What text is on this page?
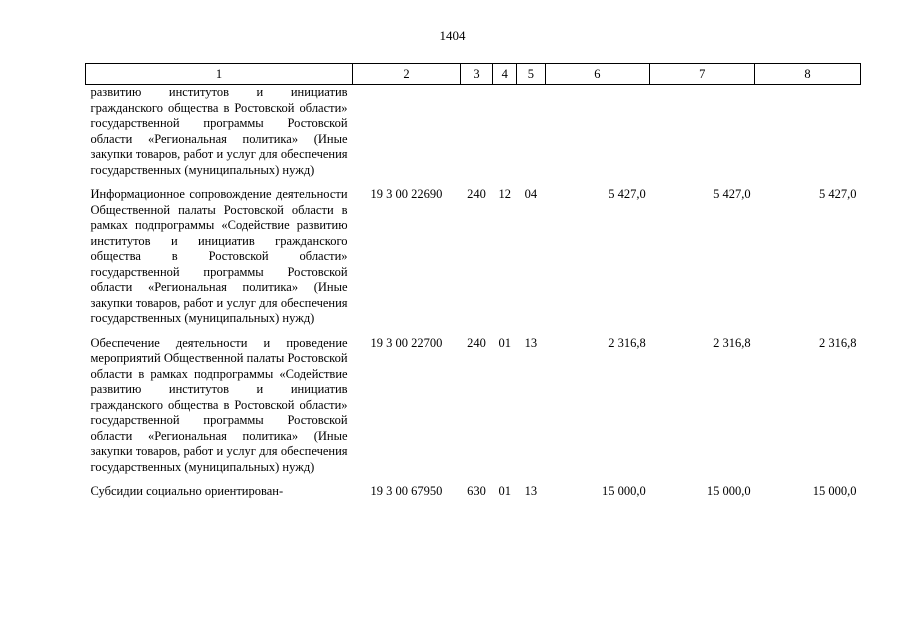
1404
1	2	3	4	5	6	7	8
развитию институтов и инициатив гражданского общества в Ростовской области» государственной программы Ростовской области «Региональная политика» (Иные закупки товаров, работ и услуг для обеспечения государственных (муниципальных) нужд)							
Информационное сопровождение деятельности Общественной палаты Ростовской области в рамках подпрограммы «Содействие развитию институтов и инициатив гражданского общества в Ростовской области» государственной программы Ростовской области «Региональная политика» (Иные закупки товаров, работ и услуг для обеспечения государственных (муниципальных) нужд)	19 3 00 22690	240	12	04	5 427,0	5 427,0	5 427,0
Обеспечение деятельности и проведение мероприятий Общественной палаты Ростовской области в рамках подпрограммы «Содействие развитию институтов и инициатив гражданского общества в Ростовской области» государственной программы Ростовской области «Региональная политика» (Иные закупки товаров, работ и услуг для обеспечения государственных (муниципальных) нужд)	19 3 00 22700	240	01	13	2 316,8	2 316,8	2 316,8
Субсидии социально ориентирован-	19 3 00 67950	630	01	13	15 000,0	15 000,0	15 000,0
